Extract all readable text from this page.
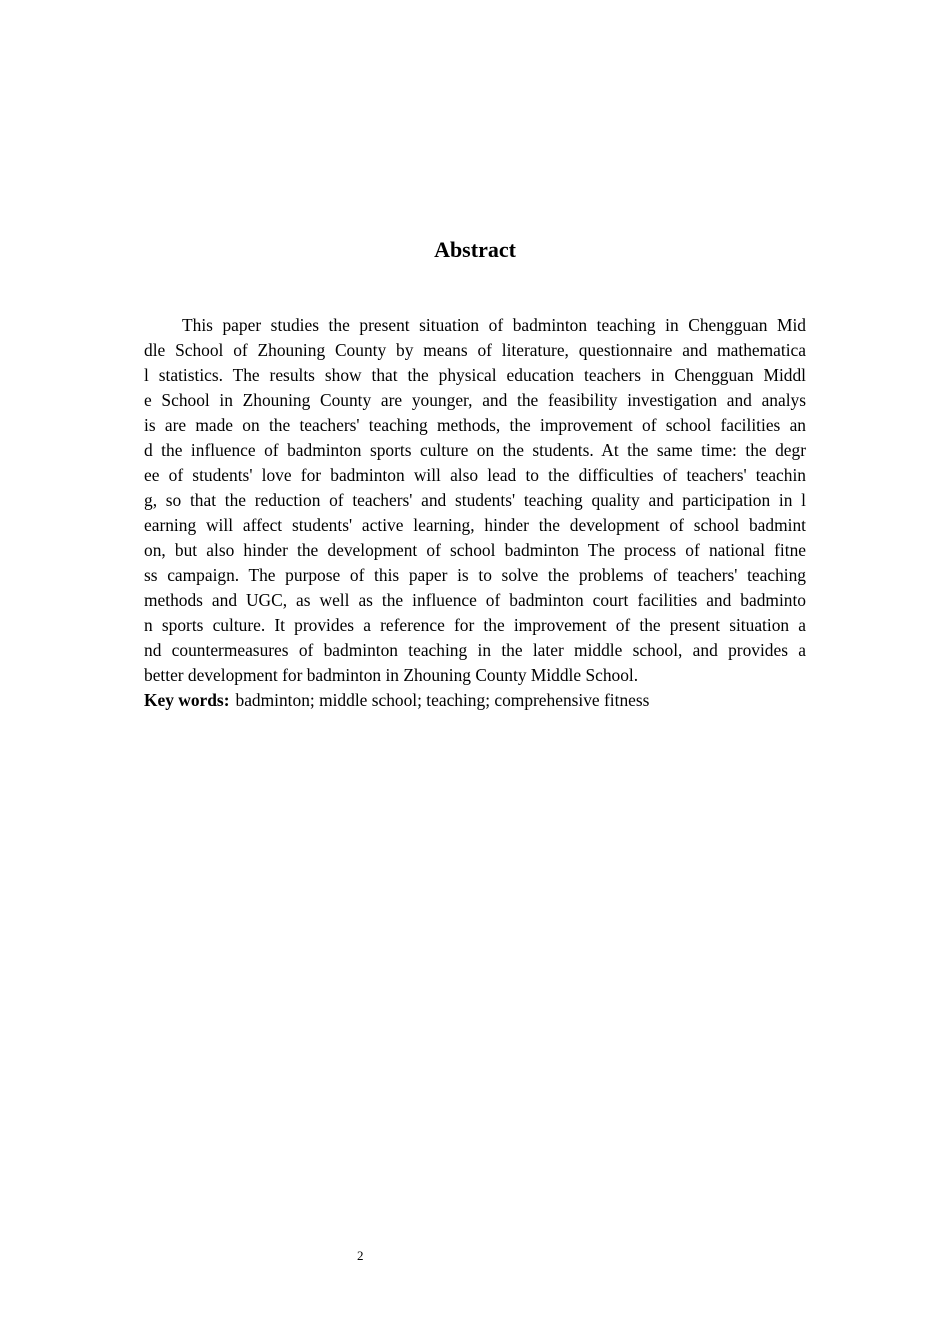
Abstract
This paper studies the present situation of badminton teaching in Chengguan Mid
dle School of Zhouning County by means of literature, questionnaire and mathematica
l statistics. The results show that the physical education teachers in Chengguan Middl
e School in Zhouning County are younger, and the feasibility investigation and analys
is are made on the teachers' teaching methods, the improvement of school facilities an
d the influence of badminton sports culture on the students. At the same time: the degr
ee of students' love for badminton will also lead to the difficulties of teachers' teachin
g, so that the reduction of teachers' and students' teaching quality and participation in l
earning will affect students' active learning, hinder the development of school badmint
on, but also hinder the development of school badminton The process of national fitne
ss campaign. The purpose of this paper is to solve the problems of teachers' teaching
methods and UGC, as well as the influence of badminton court facilities and badminto
n sports culture. It provides a reference for the improvement of the present situation a
nd countermeasures of badminton teaching in the later middle school, and provides a
better development for badminton in Zhouning County Middle School.
Key words: badminton; middle school; teaching; comprehensive fitness
2
